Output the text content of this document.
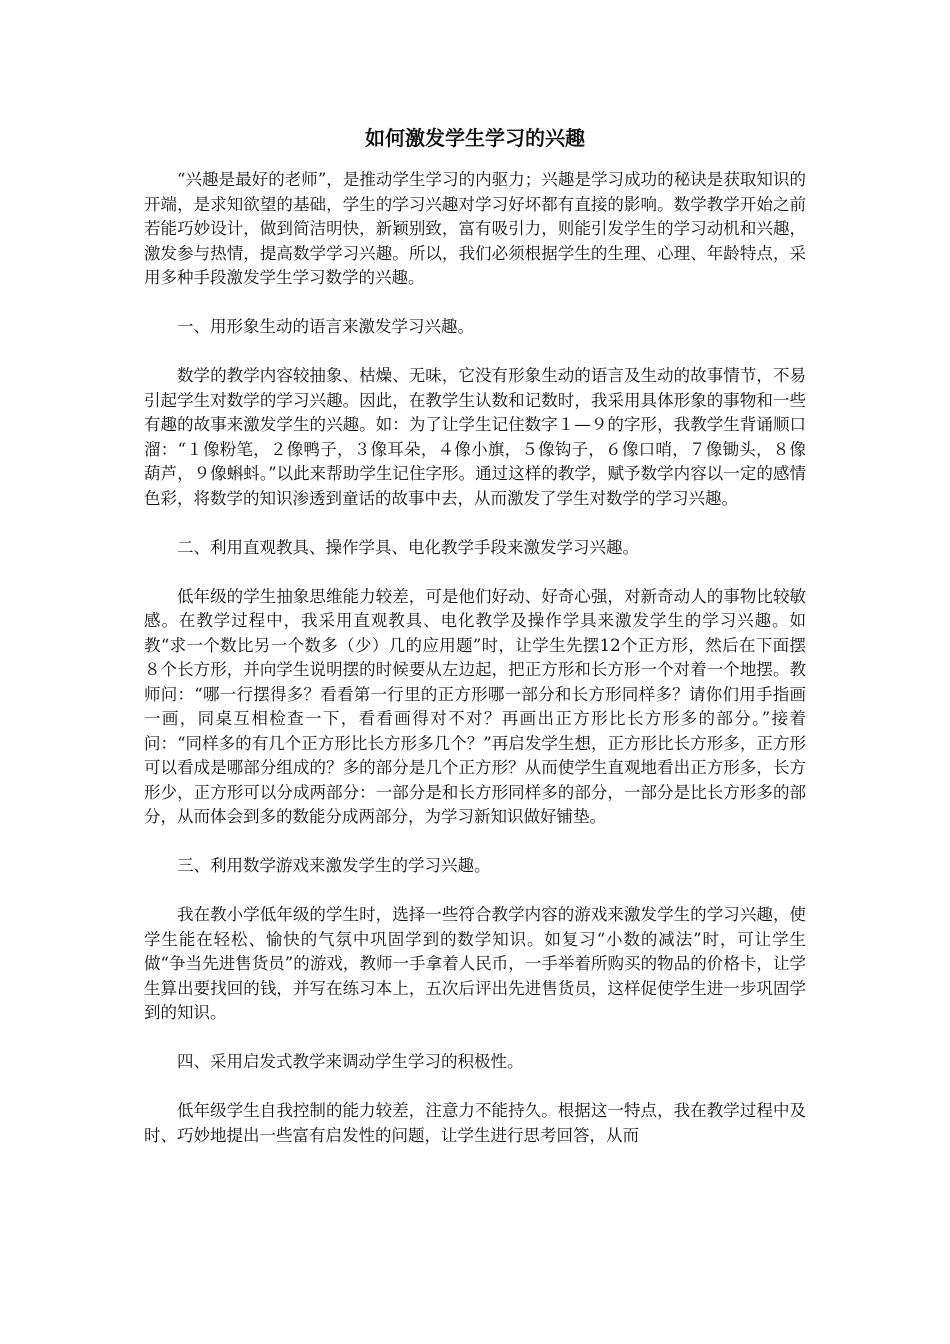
如何激发学生学习的兴趣

“兴趣是最好的老师”，是推动学生学习的内驱力；兴趣是学习成功的秘诀是获取知识的开端，是求知欲望的基础，学生的学习兴趣对学习好坏都有直接的影响。数学教学开始之前若能巧妙设计，做到简洁明快，新颖别致，富有吸引力，则能引发学生的学习动机和兴趣，激发参与热情，提高数学学习兴趣。所以，我们必须根据学生的生理、心理、年龄特点，采用多种手段激发学生学习数学的兴趣。

一、用形象生动的语言来激发学习兴趣。

数学的教学内容较抽象、枯燥、无味，它没有形象生动的语言及生动的故事情节，不易引起学生对数学的学习兴趣。因此，在教学生认数和记数时，我采用具体形象的事物和一些有趣的故事来激发学生的兴趣。如：为了让学生记住数字１—９的字形，我教学生背诵顺口溜：“１像粉笔，２像鸭子，３像耳朵，４像小旗，５像钩子，６像口哨，７像锄头，８像葫芦，９像蝌蚪。”以此来帮助学生记住字形。通过这样的教学，赋予数学内容以一定的感情色彩，将数学的知识渗透到童话的故事中去，从而激发了学生对数学的学习兴趣。

二、利用直观教具、操作学具、电化教学手段来激发学习兴趣。

低年级的学生抽象思维能力较差，可是他们好动、好奇心强，对新奇动人的事物比较敏感。在教学过程中，我采用直观教具、电化教学及操作学具来激发学生的学习兴趣。如教“求一个数比另一个数多（少）几的应用题”时，让学生先摆12个正方形，然后在下面摆８个长方形，并向学生说明摆的时候要从左边起，把正方形和长方形一个对着一个地摆。教师问：“哪一行摆得多？看看第一行里的正方形哪一部分和长方形同样多？请你们用手指画一画，同桌互相检查一下，看看画得对不对？再画出正方形比长方形多的部分。”接着问：“同样多的有几个正方形比长方形多几个？”再启发学生想，正方形比长方形多，正方形可以看成是哪部分组成的？多的部分是几个正方形？从而使学生直观地看出正方形多，长方形少，正方形可以分成两部分：一部分是和长方形同样多的部分，一部分是比长方形多的部分，从而体会到多的数能分成两部分，为学习新知识做好铺垫。

三、利用数学游戏来激发学生的学习兴趣。

我在教小学低年级的学生时，选择一些符合教学内容的游戏来激发学生的学习兴趣，使学生能在轻松、愉快的气氛中巩固学到的数学知识。如复习“小数的减法”时，可让学生做“争当先进售货员”的游戏，教师一手拿着人民币，一手举着所购买的物品的价格卡，让学生算出要找回的钱，并写在练习本上，五次后评出先进售货员，这样促使学生进一步巩固学到的知识。

四、采用启发式教学来调动学生学习的积极性。

低年级学生自我控制的能力较差，注意力不能持久。根据这一特点，我在教学过程中及时、巧妙地提出一些富有启发性的问题，让学生进行思考回答，从而
